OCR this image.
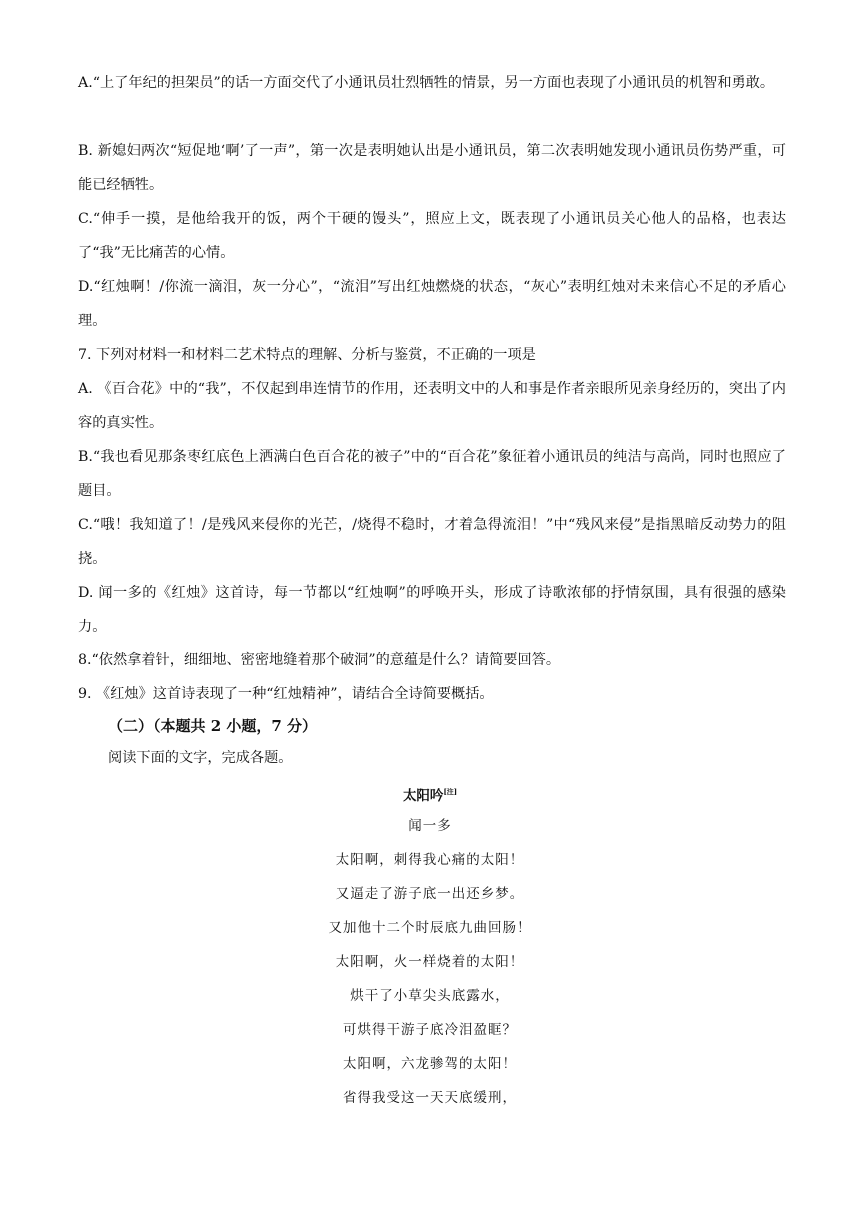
A.“上了年纪的担架员”的话一方面交代了小通讯员壮烈牺牲的情景，另一方面也表现了小通讯员的机智和勇敢。

B. 新媳妇两次“短促地‘啊’了一声”，第一次是表明她认出是小通讯员，第二次表明她发现小通讯员伤势严重，可能已经牺牲。

C.“伸手一摸，是他给我开的饭，两个干硬的馒头”，照应上文，既表现了小通讯员关心他人的品格，也表达了“我”无比痛苦的心情。

D.“红烛啊！/你流一滴泪，灰一分心”，“流泪”写出红烛燃烧的状态，“灰心”表明红烛对未来信心不足的矛盾心理。

7. 下列对材料一和材料二艺术特点的理解、分析与鉴赏，不正确的一项是

A. 《百合花》中的“我”，不仅起到串连情节的作用，还表明文中的人和事是作者亲眼所见亲身经历的，突出了内容的真实性。

B.“我也看见那条枣红底色上洒满白色百合花的被子”中的“百合花”象征着小通讯员的纯洁与高尚，同时也照应了题目。

C.“哦！我知道了！/是残风来侵你的光芒，/烧得不稳时，才着急得流泪！”中“残风来侵”是指黑暗反动势力的阻挠。

D. 闻一多的《红烛》这首诗，每一节都以“红烛啊”的呼唤开头，形成了诗歌浓郁的抒情氛围，具有很强的感染力。

8.“依然拿着针，细细地、密密地缝着那个破洞”的意蕴是什么？请简要回答。

9. 《红烛》这首诗表现了一种“红烛精神”，请结合全诗简要概括。

（二）（本题共 2 小题，7 分）

阅读下面的文字，完成各题。

太阳吟[注]
闻一多
太阳啊，刺得我心痛的太阳！
又逼走了游子底一出还乡梦。
又加他十二个时辰底九曲回肠！
太阳啊，火一样烧着的太阳！
烘干了小草尖头底露水，
可烘得干游子底冷泪盈眶？
太阳啊，六龙骖驾的太阳！
省得我受这一天天底缓刑，
